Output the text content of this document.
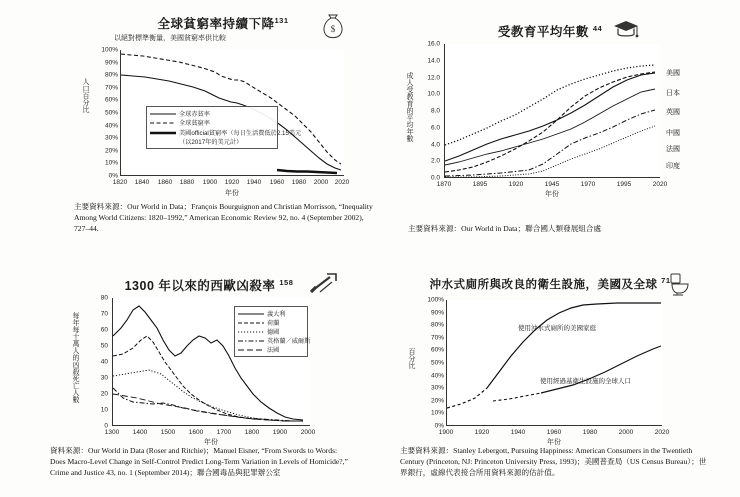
全球貧窮率持續下降$^{131}$
以絕對標準衡量，美國貧窮率供比較
$
100%
90%
80%
70%
60%
50%
40%
30%
20%
10%
0%
1820 1840 1860 1880 1900 1920 1940 1960 1980 2000 2020
年份
人口百分比
全球赤貧率
全球貧窮率
美國official貧窮率（每日生活費低於2.15美元
（以2017年的美元計）
主要資料來源：Our World in Data；François Bourguignon and Christian Morrisson, “Inequality Among World Citizens: 1820–1992,” American Economic Review 92, no. 4 (September 2002), 727–44.
受教育平均年數 $^{44}$
16.0
14.0
12.0
10.0
8.0
6.0
4.0
2.0
0.0
1870	1895	1920	1945	1970	1995	2020
年份
成人受教育的平均年數	美國
日本
英國
法國
中國
印度
主要資料來源：Our World in Data；聯合國人類發展組合處
1300 年以來的西歐凶殺率 $^{158}$
80
70
60
50
40
30
20
10
0
1300 1400 1500 1600 1700 1800 1900 2000
年份
每年每十萬人的凶殺死亡人數	義大利
荷蘭
德國
英格蘭／威爾斯
法國
資料來源：Our World in Data (Roser and Ritchie)；Manuel Eisner, “From Swords to Words: Does Macro-Level Change in Self-Control Predict Long-Term Variation in Levels of Homicide?,” Crime and Justice 43, no. 1 (September 2014)；聯合國毒品與犯罪辦公室
沖水式廁所與改良的衛生設施，美國及全球 $^{71}$
100%
90%
80%
70%
60%
50%
40%
30%
20%
10%
0%
1900	1920	1940	1960	1980	2000	2020
年份
百分比
使用沖水式廁所的美國家庭
使用經過基衛生設施的全球人口
主要資料來源：Stanley Lebergott, Pursuing Happiness: American Consumers in the Twentieth Century (Princeton, NJ: Princeton University Press, 1993)；美國普查局（US Census Bureau）；世界銀行，虛線代表接合所用資料來源的估計值。
